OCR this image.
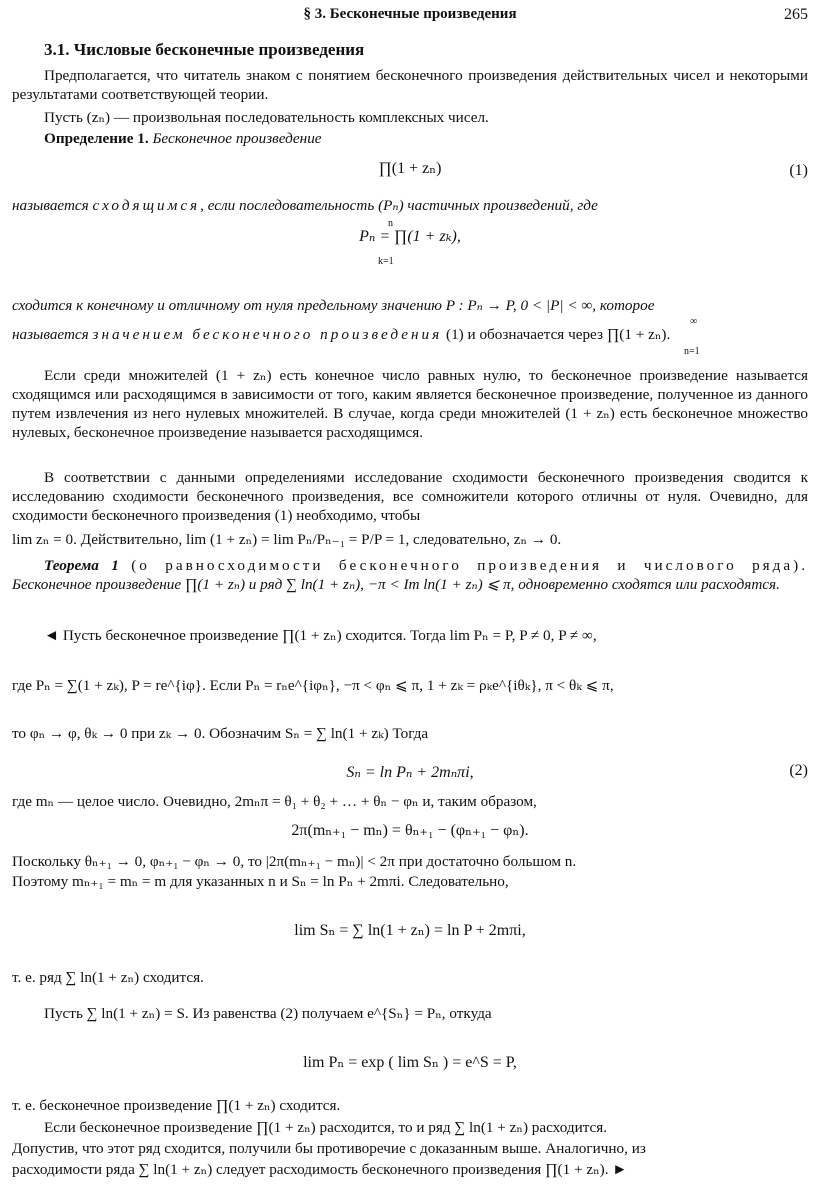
§ 3. Бесконечные произведения	265
3.1. Числовые бесконечные произведения
Предполагается, что читатель знаком с понятием бесконечного произведения действительных чисел и некоторыми результатами соответствующей теории.
Пусть (zₙ) — произвольная последовательность комплексных чисел.
Определение 1. Бесконечное произведение
∏(1 + zₙ)	(1)
называется сходящимся, если последовательность (Pₙ) частичных произведений, где
Pₙ = ∏(1 + zₖ),
n
k=1
сходится к конечному и отличному от нуля предельному значению P : Pₙ → P, 0 < |P| < ∞, которое
называется значением бесконечного произведения (1) и обозначается через ∏(1 + zₙ).
∞
n=1
Если среди множителей (1 + zₙ) есть конечное число равных нулю, то бесконечное произведение называется сходящимся или расходящимся в зависимости от того, каким является бесконечное произведение, полученное из данного путем извлечения из него нулевых множителей. В случае, когда среди множителей (1 + zₙ) есть бесконечное множество нулевых, бесконечное произведение называется расходящимся.
В соответствии с данными определениями исследование сходимости бесконечного произведения сводится к исследованию сходимости бесконечного произведения, все сомножители которого отличны от нуля. Очевидно, для сходимости бесконечного произведения (1) необходимо, чтобы
lim zₙ = 0. Действительно, lim (1 + zₙ) = lim Pₙ/Pₙ₋₁ = P/P = 1, следовательно, zₙ → 0.
Теорема 1 (о равносходимости бесконечного произведения и числового ряда). Бесконечное произведение ∏(1 + zₙ) и ряд ∑ ln(1 + zₙ), −π < Im ln(1 + zₙ) ⩽ π, одновременно сходятся или расходятся.
◄ Пусть бесконечное произведение ∏(1 + zₙ) сходится. Тогда lim Pₙ = P, P ≠ 0, P ≠ ∞,
где Pₙ = ∑(1 + zₖ), P = re^{iφ}. Если Pₙ = rₙe^{iφₙ}, −π < φₙ ⩽ π, 1 + zₖ = ρₖe^{iθₖ}, π < θₖ ⩽ π,
то φₙ → φ, θₖ → 0 при zₖ → 0. Обозначим Sₙ = ∑ ln(1 + zₖ) Тогда
Sₙ = ln Pₙ + 2mₙπi,	(2)
где mₙ — целое число. Очевидно, 2mₙπ = θ₁ + θ₂ + … + θₙ − φₙ и, таким образом,
2π(mₙ₊₁ − mₙ) = θₙ₊₁ − (φₙ₊₁ − φₙ).
Поскольку θₙ₊₁ → 0, φₙ₊₁ − φₙ → 0, то |2π(mₙ₊₁ − mₙ)| < 2π при достаточно большом n.
Поэтому mₙ₊₁ = mₙ = m для указанных n и Sₙ = ln Pₙ + 2mπi. Следовательно,
lim Sₙ = ∑ ln(1 + zₙ) = ln P + 2mπi,
т. е. ряд ∑ ln(1 + zₙ) сходится.
Пусть ∑ ln(1 + zₙ) = S. Из равенства (2) получаем e^{Sₙ} = Pₙ, откуда
lim Pₙ = exp ( lim Sₙ ) = e^S = P,
т. е. бесконечное произведение ∏(1 + zₙ) сходится.
Если бесконечное произведение ∏(1 + zₙ) расходится, то и ряд ∑ ln(1 + zₙ) расходится.
Допустив, что этот ряд сходится, получили бы противоречие с доказанным выше. Аналогично, из
расходимости ряда ∑ ln(1 + zₙ) следует расходимость бесконечного произведения ∏(1 + zₙ). ►
